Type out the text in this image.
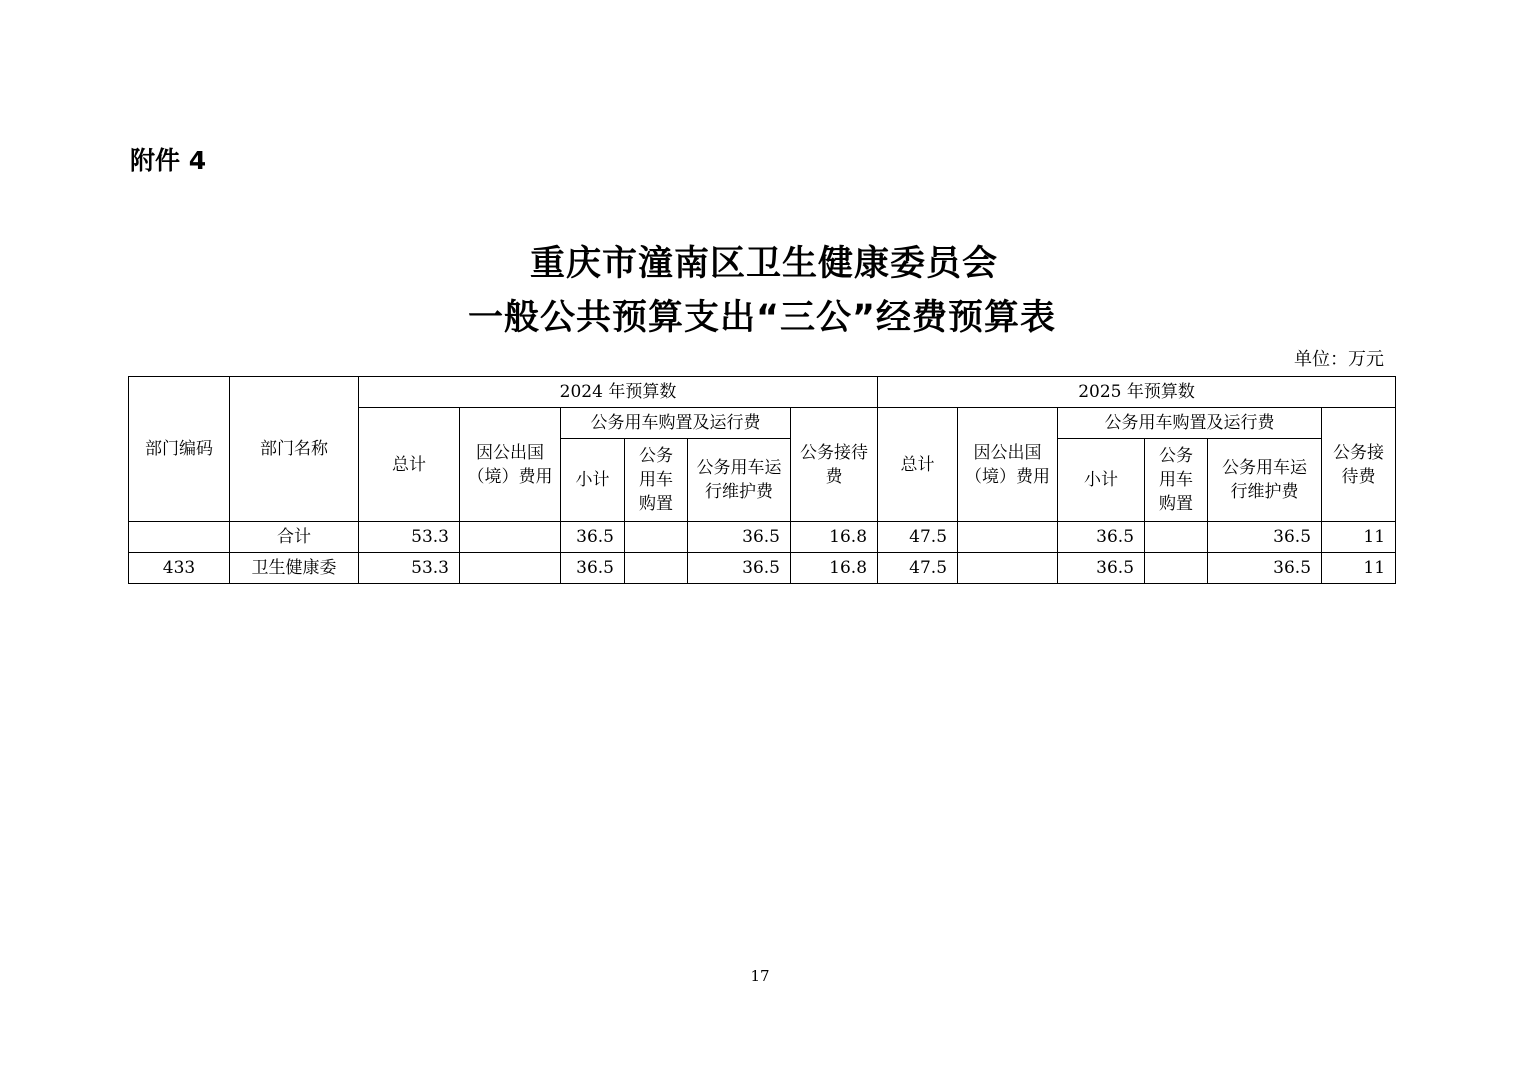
附件 4
重庆市潼南区卫生健康委员会
一般公共预算支出“三公”经费预算表
单位：万元
部门编码	部门名称	2024 年预算数						2025 年预算数					
		总计	因公出国（境）费用	公务用车购置及运行费			公务接待费	总计	因公出国（境）费用	公务用车购置及运行费			公务接待费
				小计	公务用车购置	公务用车运行维护费				小计	公务用车购置	公务用车运行维护费	
	合计	53.3		36.5		36.5	16.8	47.5		36.5		36.5	11
433	卫生健康委	53.3		36.5		36.5	16.8	47.5		36.5		36.5	11
17
